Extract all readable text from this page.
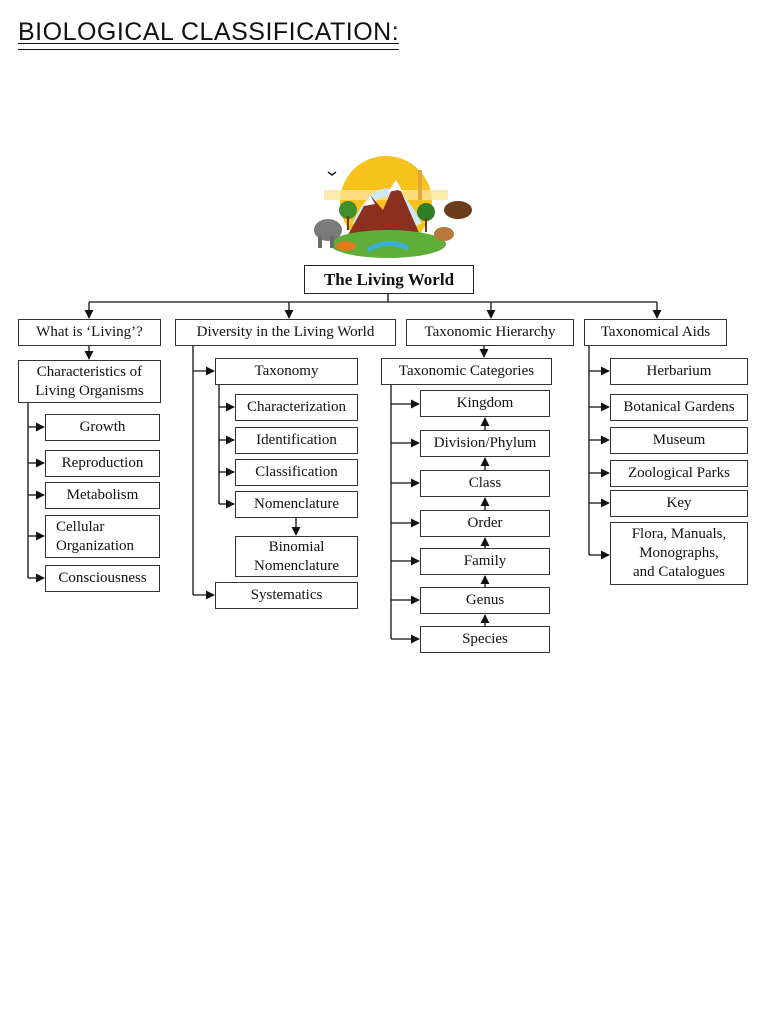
BIOLOGICAL CLASSIFICATION:
The Living World
What is ‘Living’?
Characteristics of
Living Organisms
Growth
Reproduction
Metabolism
Cellular
Organization
Consciousness
Diversity in the Living World
Taxonomy
Characterization
Identification
Classification
Nomenclature
Binomial
Nomenclature
Systematics
Taxonomic Hierarchy
Taxonomic Categories
Kingdom
Division/Phylum
Class
Order
Family
Genus
Species
Taxonomical Aids
Herbarium
Botanical Gardens
Museum
Zoological Parks
Key
Flora, Manuals,
Monographs,
and Catalogues
